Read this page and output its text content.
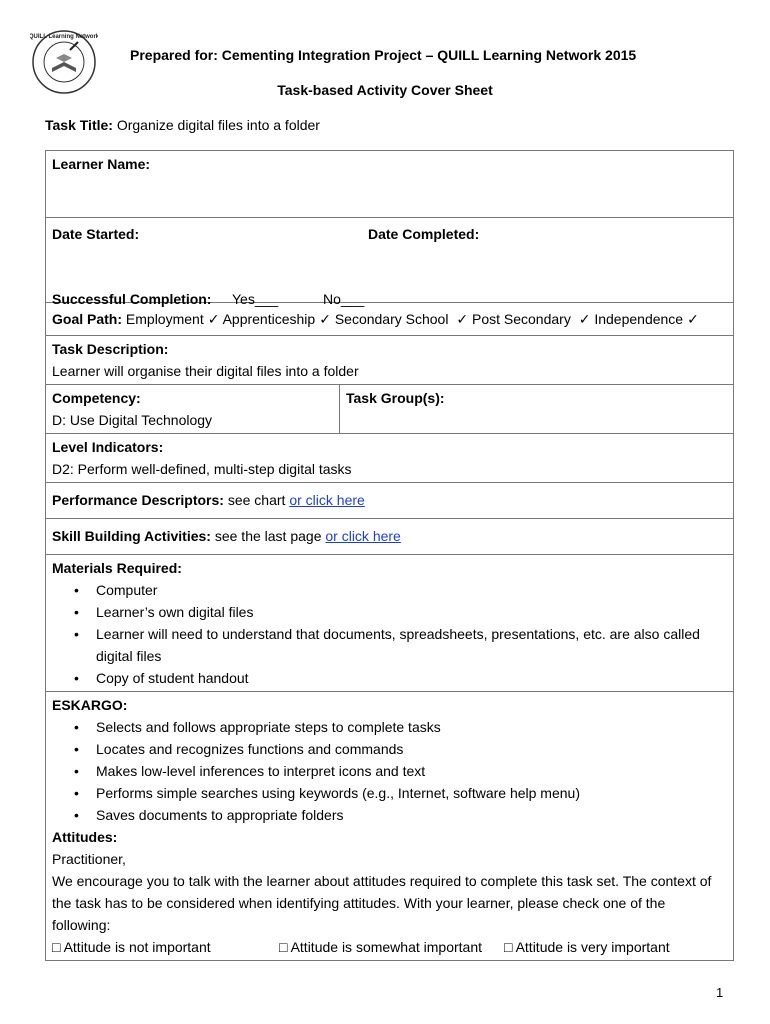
QUILL Learning Network
Prepared for: Cementing Integration Project – QUILL Learning Network 2015
Task-based Activity Cover Sheet
Task Title: Organize digital files into a folder
Learner Name:

Date Started:	Date Completed:
Successful Completion: Yes___	No___

Goal Path: Employment ✓ Apprenticeship ✓ Secondary School ✓ Post Secondary ✓ Independence ✓

Task Description:
Learner will organise their digital files into a folder

Competency:
D: Use Digital Technology

Task Group(s):

Level Indicators:
D2: Perform well-defined, multi-step digital tasks

Performance Descriptors: see chart or click here
Skill Building Activities: see the last page or click here

Materials Required:
• Computer
• Learner’s own digital files
• Learner will need to understand that documents, spreadsheets, presentations, etc. are also called digital files
• Copy of student handout

ESKARGO:
• Selects and follows appropriate steps to complete tasks
• Locates and recognizes functions and commands
• Makes low-level inferences to interpret icons and text
• Performs simple searches using keywords (e.g., Internet, software help menu)
• Saves documents to appropriate folders
Attitudes:
Practitioner,
We encourage you to talk with the learner about attitudes required to complete this task set. The context of the task has to be considered when identifying attitudes. With your learner, please check one of the following:
□ Attitude is not important	□ Attitude is somewhat important □ Attitude is very important
1
